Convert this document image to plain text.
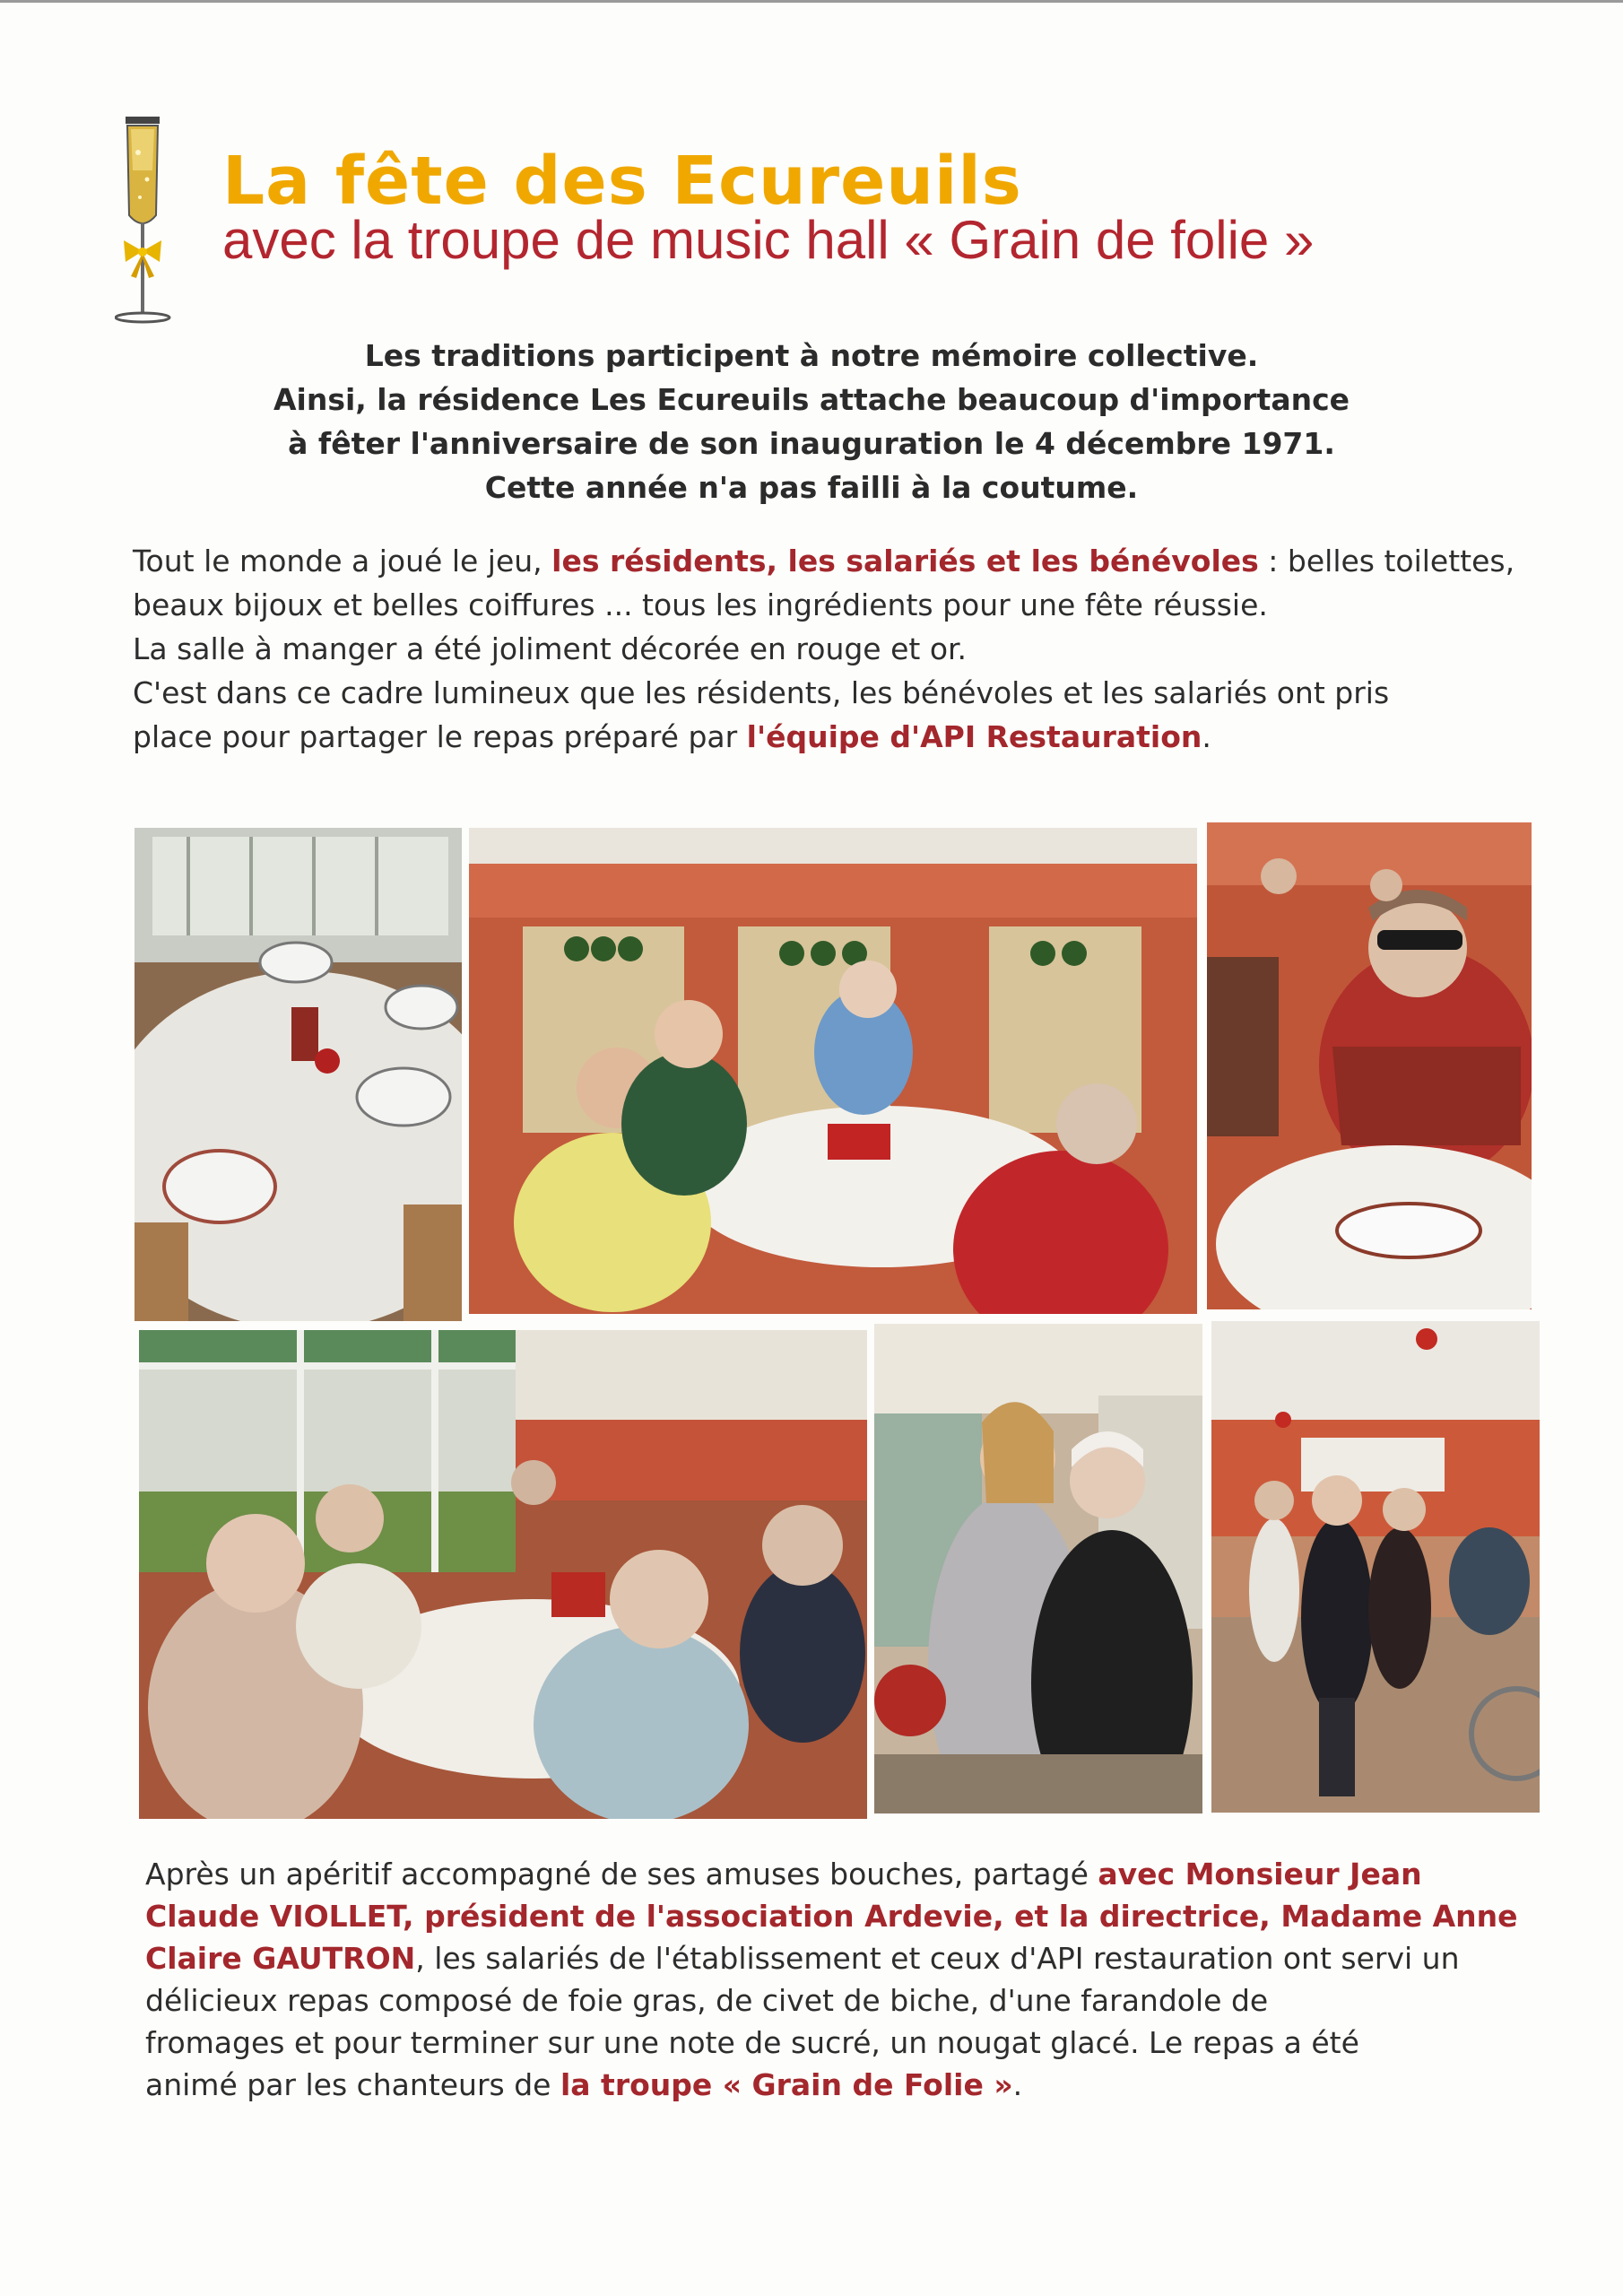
La fête des Ecureuils
avec la troupe de music hall « Grain de folie »
Les traditions participent à notre mémoire collective.
Ainsi, la résidence Les Ecureuils attache beaucoup d'importance
à fêter l'anniversaire de son inauguration le 4 décembre 1971.
Cette année n'a pas failli à la coutume.
Tout le monde a joué le jeu, les résidents, les salariés et les bénévoles : belles toilettes,
beaux bijoux et belles coiffures ... tous les ingrédients pour une fête réussie.
La salle à manger a été joliment décorée en rouge et or.
C'est dans ce cadre lumineux que les résidents, les bénévoles et les salariés ont pris
place pour partager le repas préparé par l'équipe d'API Restauration.
Après un apéritif accompagné de ses amuses bouches, partagé avec Monsieur Jean
Claude VIOLLET, président de l'association Ardevie, et la directrice, Madame Anne
Claire GAUTRON, les salariés de l'établissement et ceux d'API restauration ont servi un
délicieux repas composé de foie gras, de civet de biche, d'une farandole de
fromages et pour terminer sur une note de sucré, un nougat glacé. Le repas a été
animé par les chanteurs de la troupe « Grain de Folie ».
